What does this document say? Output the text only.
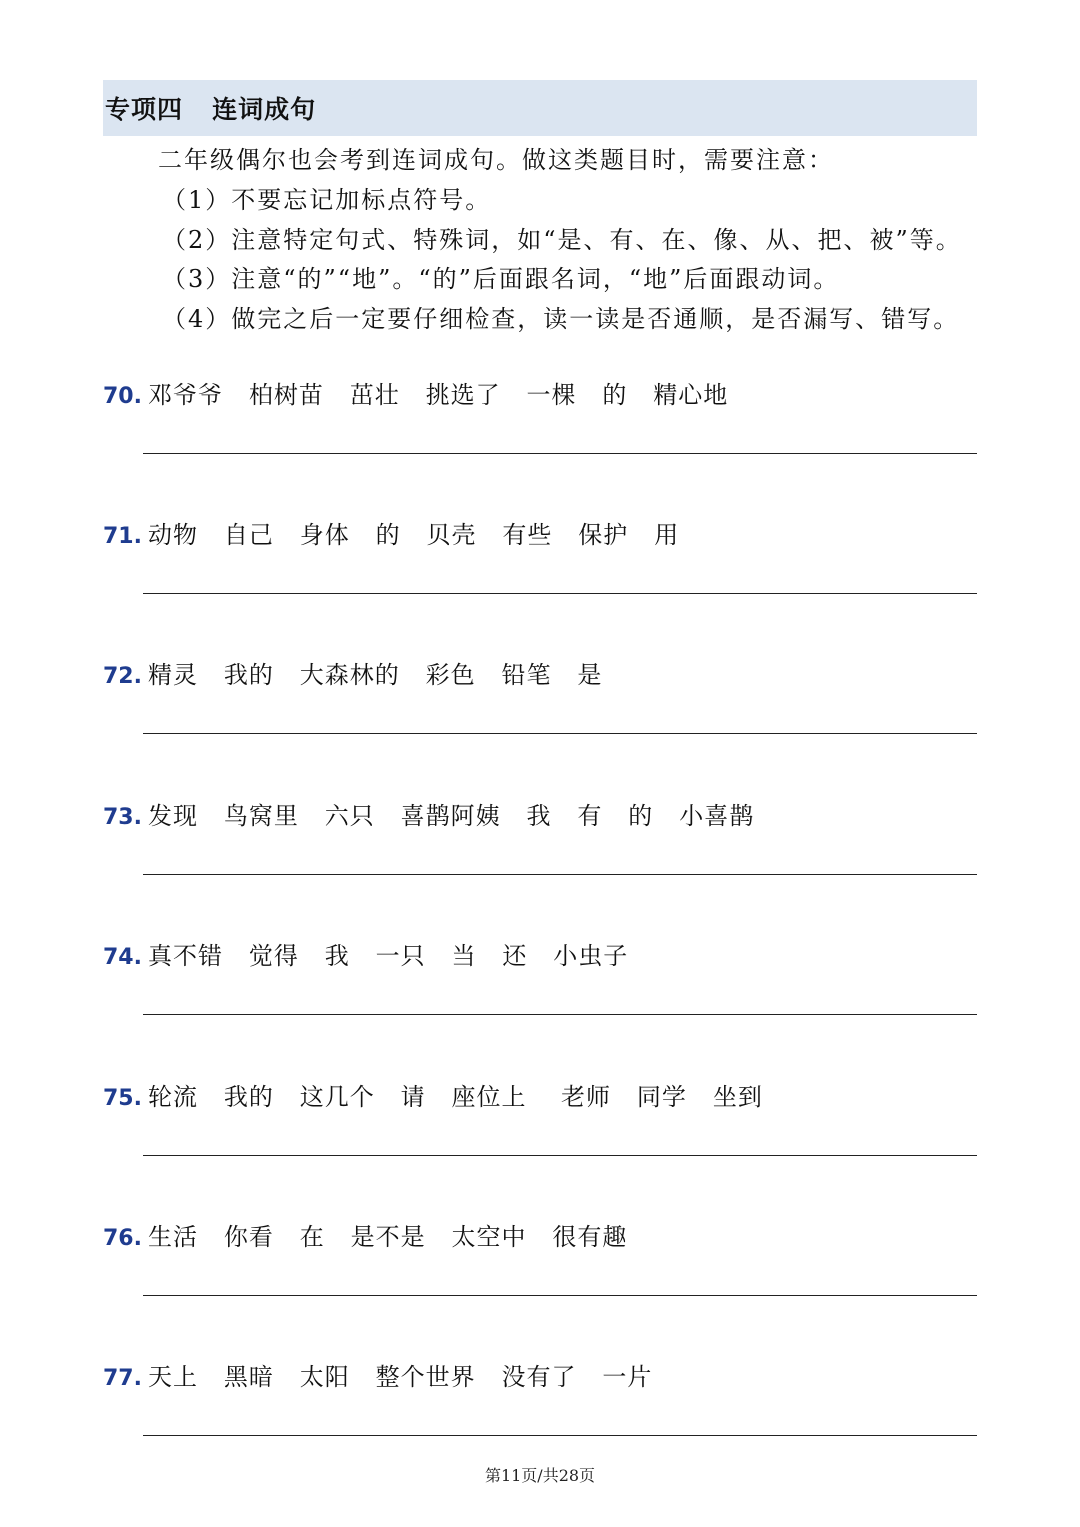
专项四   连词成句
二年级偶尔也会考到连词成句。做这类题目时，需要注意：
（1）不要忘记加标点符号。
（2）注意特定句式、特殊词，如“是、有、在、像、从、把、被”等。
（3）注意“的”“地”。“的”后面跟名词，“地”后面跟动词。
（4）做完之后一定要仔细检查，读一读是否通顺，是否漏写、错写。
70. 邓爷爷   柏树苗   茁壮   挑选了   一棵   的   精心地
71. 动物   自己   身体   的   贝壳   有些   保护   用
72. 精灵   我的   大森林的   彩色   铅笔   是
73. 发现   鸟窝里   六只   喜鹊阿姨   我   有   的   小喜鹊
74. 真不错   觉得   我   一只   当   还   小虫子
75. 轮流   我的   这几个   请   座位上    老师   同学   坐到
76. 生活   你看   在   是不是   太空中   很有趣
77. 天上   黑暗   太阳   整个世界   没有了   一片
第11页/共28页
